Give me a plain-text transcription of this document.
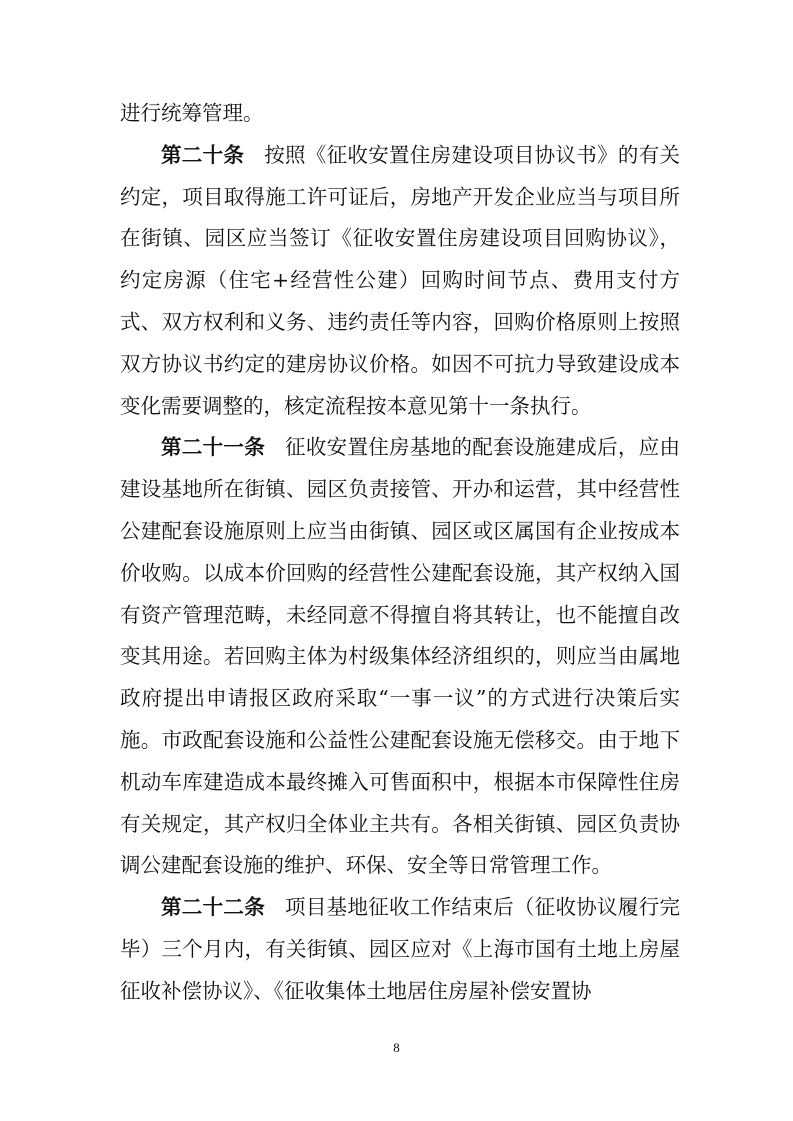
进行统筹管理。

第二十条 按照《征收安置住房建设项目协议书》的有关约定，项目取得施工许可证后，房地产开发企业应当与项目所在街镇、园区应当签订《征收安置住房建设项目回购协议》，约定房源（住宅+经营性公建）回购时间节点、费用支付方式、双方权利和义务、违约责任等内容，回购价格原则上按照双方协议书约定的建房协议价格。如因不可抗力导致建设成本变化需要调整的，核定流程按本意见第十一条执行。

第二十一条 征收安置住房基地的配套设施建成后，应由建设基地所在街镇、园区负责接管、开办和运营，其中经营性公建配套设施原则上应当由街镇、园区或区属国有企业按成本价收购。以成本价回购的经营性公建配套设施，其产权纳入国有资产管理范畴，未经同意不得擅自将其转让，也不能擅自改变其用途。若回购主体为村级集体经济组织的，则应当由属地政府提出申请报区政府采取“一事一议”的方式进行决策后实施。市政配套设施和公益性公建配套设施无偿移交。由于地下机动车库建造成本最终摊入可售面积中，根据本市保障性住房有关规定，其产权归全体业主共有。各相关街镇、园区负责协调公建配套设施的维护、环保、安全等日常管理工作。

第二十二条 项目基地征收工作结束后（征收协议履行完毕）三个月内，有关街镇、园区应对《上海市国有土地上房屋征收补偿协议》、《征收集体土地居住房屋补偿安置协

8
